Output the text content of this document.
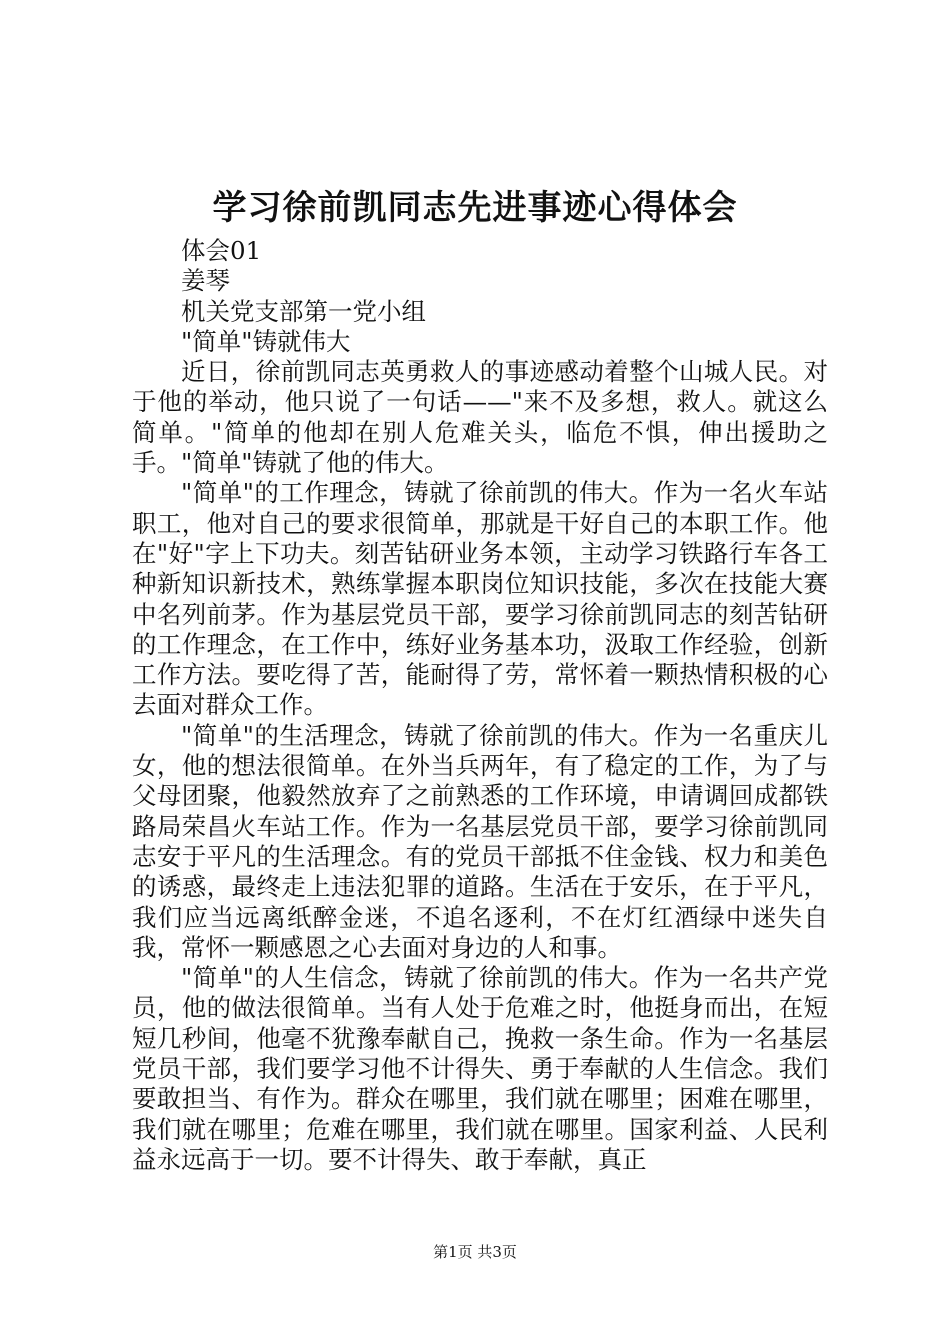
学习徐前凯同志先进事迹心得体会

体会01

姜琴

机关党支部第一党小组

"简单"铸就伟大

近日，徐前凯同志英勇救人的事迹感动着整个山城人民。对于他的举动，他只说了一句话——"来不及多想，救人。就这么简单。"简单的他却在别人危难关头，临危不惧，伸出援助之手。"简单"铸就了他的伟大。

"简单"的工作理念，铸就了徐前凯的伟大。作为一名火车站职工，他对自己的要求很简单，那就是干好自己的本职工作。他在"好"字上下功夫。刻苦钻研业务本领，主动学习铁路行车各工种新知识新技术，熟练掌握本职岗位知识技能，多次在技能大赛中名列前茅。作为基层党员干部，要学习徐前凯同志的刻苦钻研的工作理念，在工作中，练好业务基本功，汲取工作经验，创新工作方法。要吃得了苦，能耐得了劳，常怀着一颗热情积极的心去面对群众工作。

"简单"的生活理念，铸就了徐前凯的伟大。作为一名重庆儿女，他的想法很简单。在外当兵两年，有了稳定的工作，为了与父母团聚，他毅然放弃了之前熟悉的工作环境，申请调回成都铁路局荣昌火车站工作。作为一名基层党员干部，要学习徐前凯同志安于平凡的生活理念。有的党员干部抵不住金钱、权力和美色的诱惑，最终走上违法犯罪的道路。生活在于安乐，在于平凡，我们应当远离纸醉金迷，不追名逐利，不在灯红酒绿中迷失自我，常怀一颗感恩之心去面对身边的人和事。

"简单"的人生信念，铸就了徐前凯的伟大。作为一名共产党员，他的做法很简单。当有人处于危难之时，他挺身而出，在短短几秒间，他毫不犹豫奉献自己，挽救一条生命。作为一名基层党员干部，我们要学习他不计得失、勇于奉献的人生信念。我们要敢担当、有作为。群众在哪里，我们就在哪里；困难在哪里，我们就在哪里；危难在哪里，我们就在哪里。国家利益、人民利益永远高于一切。要不计得失、敢于奉献，真正

第1页 共3页
